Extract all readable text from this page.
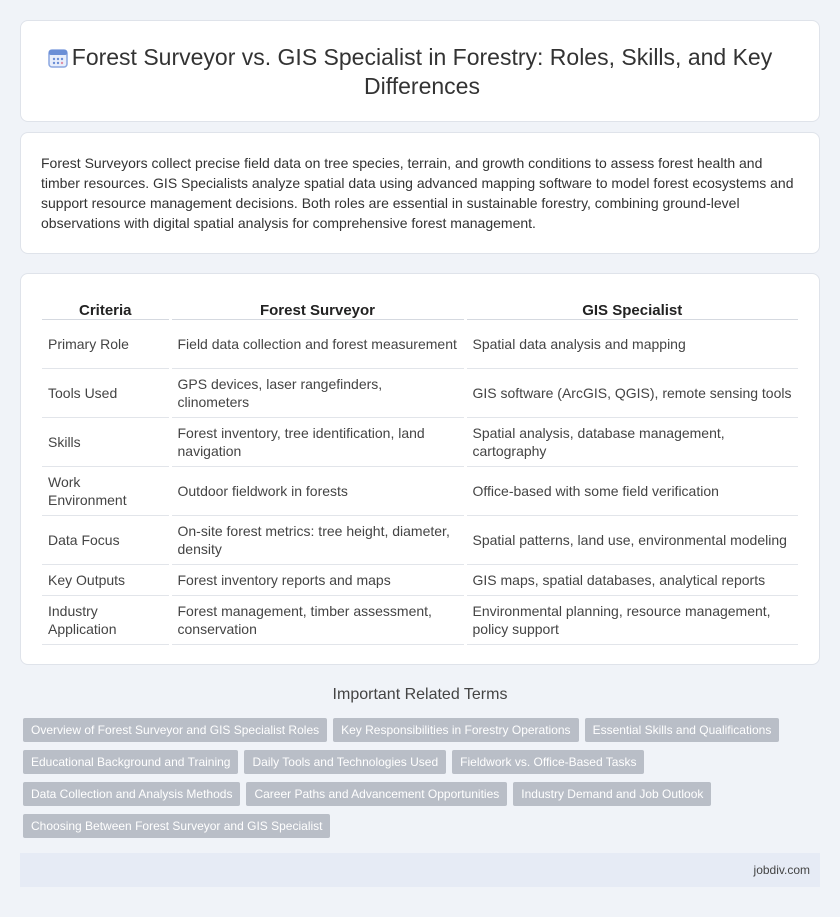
Forest Surveyor vs. GIS Specialist in Forestry: Roles, Skills, and Key Differences

Forest Surveyors collect precise field data on tree species, terrain, and growth conditions to assess forest health and timber resources. GIS Specialists analyze spatial data using advanced mapping software to model forest ecosystems and support resource management decisions. Both roles are essential in sustainable forestry, combining ground-level observations with digital spatial analysis for comprehensive forest management.

Criteria	Forest Surveyor	GIS Specialist
Primary Role	Field data collection and forest measurement	Spatial data analysis and mapping
Tools Used	GPS devices, laser rangefinders, clinometers	GIS software (ArcGIS, QGIS), remote sensing tools
Skills	Forest inventory, tree identification, land navigation	Spatial analysis, database management, cartography
Work Environment	Outdoor fieldwork in forests	Office-based with some field verification
Data Focus	On-site forest metrics: tree height, diameter, density	Spatial patterns, land use, environmental modeling
Key Outputs	Forest inventory reports and maps	GIS maps, spatial databases, analytical reports
Industry Application	Forest management, timber assessment, conservation	Environmental planning, resource management, policy support
Important Related Terms
Overview of Forest Surveyor and GIS Specialist Roles	Key Responsibilities in Forestry Operations	Essential Skills and Qualifications
Educational Background and Training	Daily Tools and Technologies Used	Fieldwork vs. Office-Based Tasks
Data Collection and Analysis Methods	Career Paths and Advancement Opportunities	Industry Demand and Job Outlook
Choosing Between Forest Surveyor and GIS Specialist
jobdiv.com
